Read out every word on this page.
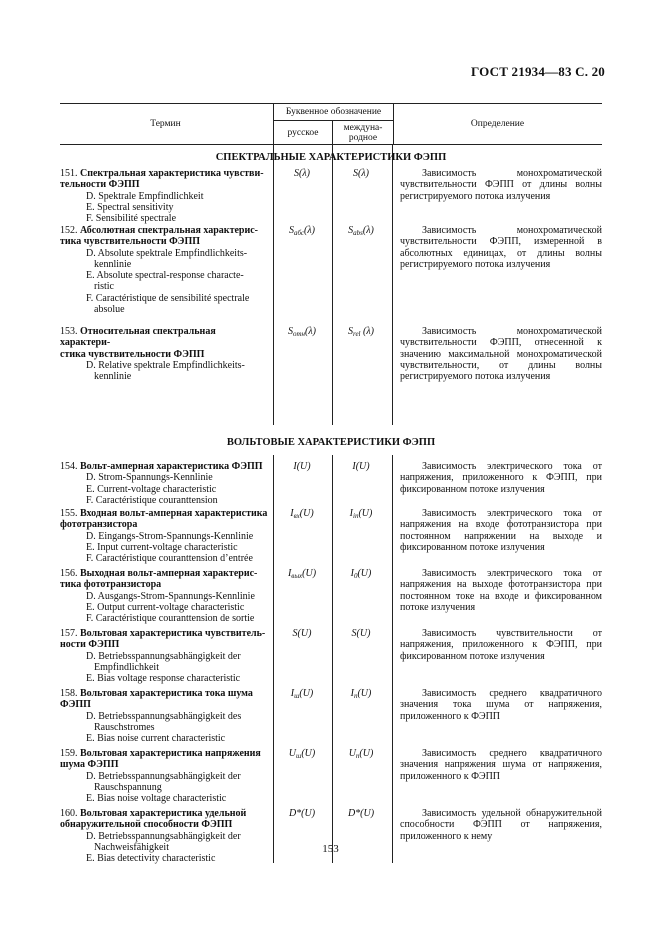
ГОСТ 21934—83 С. 20
Термин
Буквенное обозначение
русское	междуна-
родное
Определение
СПЕКТРАЛЬНЫЕ ХАРАКТЕРИСТИКИ ФЭПП
151. Спектральная характеристика чувстви-
тельности ФЭПП
D. Spektrale Empfindlichkeit
E. Spectral sensitivity
F. Sensibilité spectrale
S(λ)	S(λ)	Зависимость монохроматической чувствительности ФЭПП от длины волны регистрируемого потока излучения
152. Абсолютная спектральная характерис-
тика чувствительности ФЭПП
D. Absolute spektrale Empfindlichkeits-
kennlinie
E. Absolute spectral-response characte-
ristic
F. Caractéristique de sensibilité spectrale
absolue
$S_{абс}(\lambda)$	$S_{abs}(\lambda)$	Зависимость монохроматической чувствительности ФЭПП, измеренной в абсолютных единицах, от длины волны регистрируемого потока излучения
153. Относительная спектральная характери-
стика чувствительности ФЭПП
D. Relative spektrale Empfindlichkeits-
kennlinie
$S_{отн}(\lambda)$	$S_{rel}$ (λ)	Зависимость монохроматической чувствительности ФЭПП, отнесенной к значению максимальной монохроматической чувствительности, от длины волны регистрируемого потока излучения
ВОЛЬТОВЫЕ ХАРАКТЕРИСТИКИ ФЭПП
154. Вольт-амперная характеристика ФЭПП
D. Strom-Spannungs-Kennlinie
E. Current-voltage characteristic
F. Caractéristique couranttension
I(U)	I(U)	Зависимость электрического тока от напряжения, приложенного к ФЭПП, при фиксированном потоке излучения
155. Входная вольт-амперная характеристика
фототранзистора
D. Eingangs-Strom-Spannungs-Kennlinie
E. Input current-voltage characteristic
F. Caractéristique couranttension d’entrée
$I_{вх}(U)$	$I_{in}(U)$	Зависимость электрического тока от напряжения на входе фототранзистора при постоянном напряжении на выходе и фиксированном потоке излучения
156. Выходная вольт-амперная характерис-
тика фототранзистора
D. Ausgangs-Strom-Spannungs-Kennlinie
E. Output current-voltage characteristic
F. Caractéristique couranttension de sortie
$I_{вых}(U)$	$I_0(U)$	Зависимость электрического тока от напряжения на выходе фототранзистора при постоянном токе на входе и фиксированном потоке излучения
157. Вольтовая характеристика чувствитель-
ности ФЭПП
D. Betriebsspannungsabhängigkeit der
Empfindlichkeit
E. Bias voltage response characteristic
S(U)	S(U)	Зависимость чувствительности от напряжения, приложенного к ФЭПП, при фиксированном потоке излучения
158. Вольтовая характеристика тока шума
ФЭПП
D. Betriebsspannungsabhängigkeit des
Rauschstromes
E. Bias noise current characteristic
$I_ш(U)$	$I_n(U)$	Зависимость среднего квадратичного значения тока шума от напряжения, приложенного к ФЭПП
159. Вольтовая характеристика напряжения
шума ФЭПП
D. Betriebsspannungsabhängigkeit der
Rauschspannung
E. Bias noise voltage characteristic
$U_ш(U)$	$U_n(U)$	Зависимость среднего квадратичного значения напряжения шума от напряжения, приложенного к ФЭПП
160. Вольтовая характеристика удельной
обнаружительной способности ФЭПП
D. Betriebsspannungsabhängigkeit der
Nachweisfähigkeit
E. Bias detectivity characteristic
D*(U)	D*(U)	Зависимость удельной обнаружительной способности ФЭПП от напряжения, приложенного к нему
153
